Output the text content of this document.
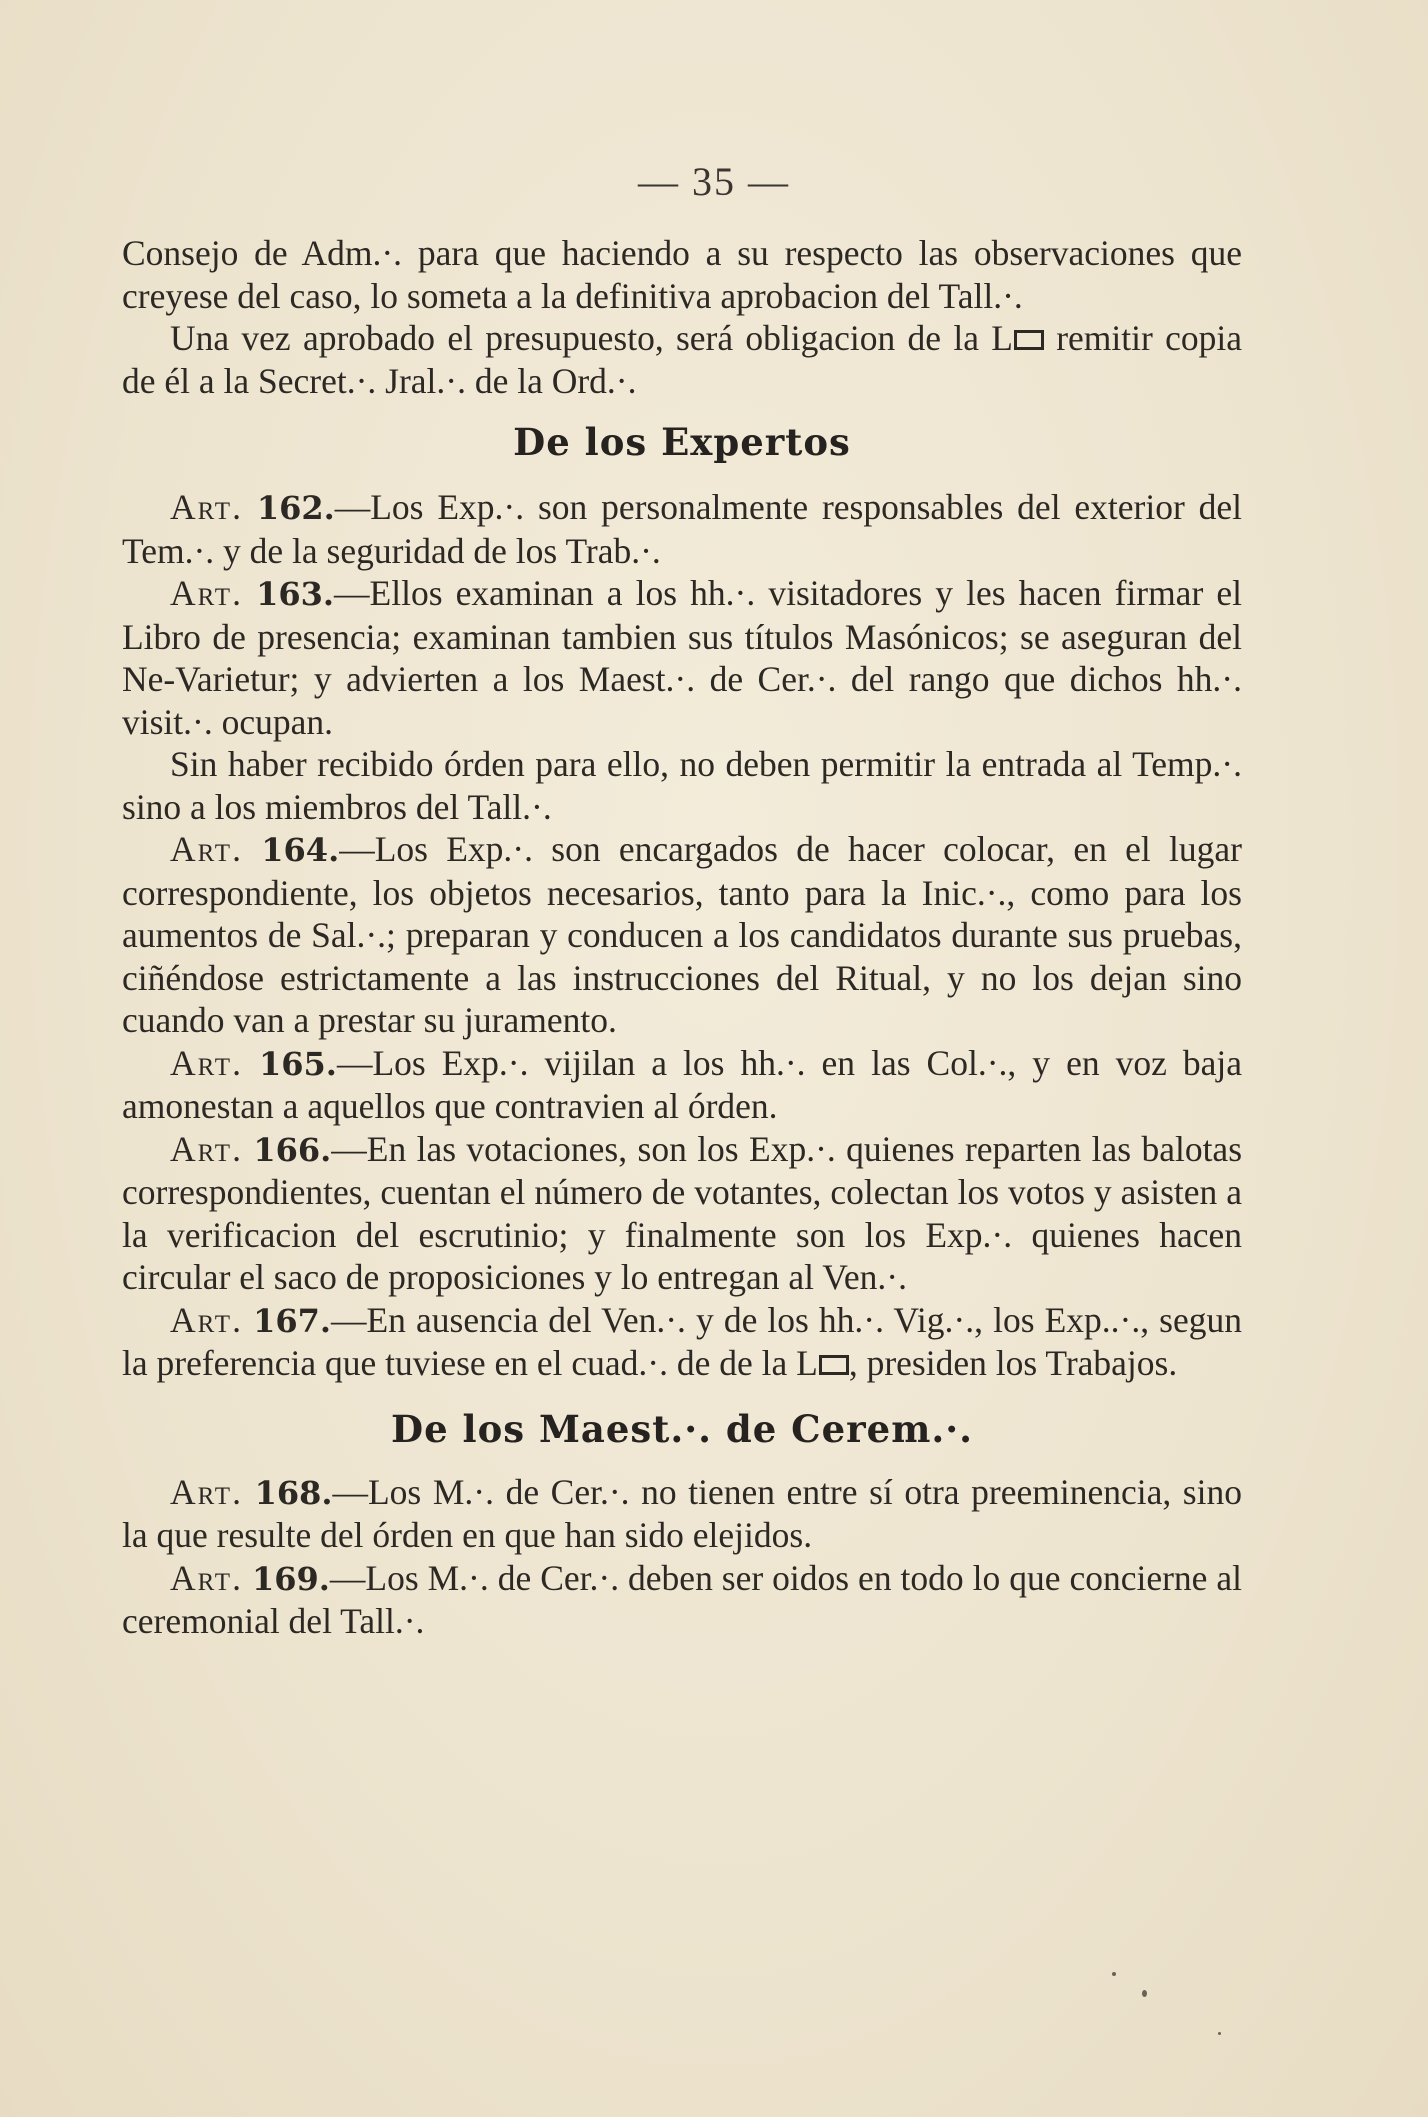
— 35 —

Consejo de Adm.·. para que haciendo a su respecto las observaciones que creyese del caso, lo someta a la definitiva aprobacion del Tall.·.

Una vez aprobado el presupuesto, será obligacion de la L remitir copia de él a la Secret.·. Jral.·. de la Ord.·.

De los Expertos

Art. 162.—Los Exp.·. son personalmente responsables del exterior del Tem.·. y de la seguridad de los Trab.·.

Art. 163.—Ellos examinan a los hh.·. visitadores y les hacen firmar el Libro de presencia; examinan tambien sus títulos Masónicos; se aseguran del Ne-Varietur; y advierten a los Maest.·. de Cer.·. del rango que dichos hh.·. visit.·. ocupan.

Sin haber recibido órden para ello, no deben permitir la entrada al Temp.·. sino a los miembros del Tall.·.

Art. 164.—Los Exp.·. son encargados de hacer colocar, en el lugar correspondiente, los objetos necesarios, tanto para la Inic.·., como para los aumentos de Sal.·.; preparan y conducen a los candidatos durante sus pruebas, ciñéndose estrictamente a las instrucciones del Ritual, y no los dejan sino cuando van a prestar su juramento.

Art. 165.—Los Exp.·. vijilan a los hh.·. en las Col.·., y en voz baja amonestan a aquellos que contravien al órden.

Art. 166.—En las votaciones, son los Exp.·. quienes reparten las balotas correspondientes, cuentan el número de votantes, colectan los votos y asisten a la verificacion del escrutinio; y finalmente son los Exp.·. quienes hacen circular el saco de proposiciones y lo entregan al Ven.·.

Art. 167.—En ausencia del Ven.·. y de los hh.·. Vig.·., los Exp..·., segun la preferencia que tuviese en el cuad.·. de de la L , presiden los Trabajos.

De los Maest.·. de Cerem.·.

Art. 168.—Los M.·. de Cer.·. no tienen entre sí otra preeminencia, sino la que resulte del órden en que han sido elejidos.

Art. 169.—Los M.·. de Cer.·. deben ser oidos en todo lo que concierne al ceremonial del Tall.·.
